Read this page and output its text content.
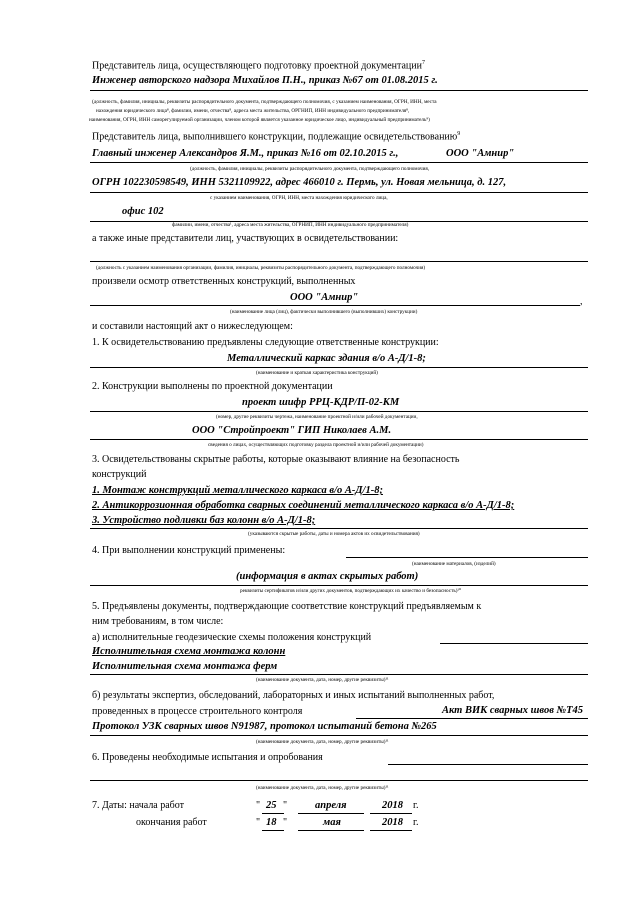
Представитель лица, осуществляющего подготовку проектной документации$^7$
Инженер авторского надзора Михайлов П.Н., приказ №67 от 01.08.2015 г.
(должность, фамилия, инициалы, реквизиты распорядительного документа, подтверждающего полномочия, с указанием наименования, ОГРН, ИНН, места
нахождения юридического лица⁸, фамилии, имени, отчества⁸, адреса места жительства, ОРГНИП, ИНН индивидуального предпринимателя⁸,
наименования, ОГРН, ИНН саморегулируемой организации, членом которой является указанное юридическое лицо, индивидуальный предприниматель⁹)
Представитель лица, выполнившего конструкции, подлежащие освидетельствованию$^9$
Главный инженер Александров Я.М., приказ №16 от 02.10.2015 г.,	ООО "Амнир"
(должность, фамилия, инициалы, реквизиты распорядительного документа, подтверждающего полномочия,
ОГРН 102230598549, ИНН 5321109922, адрес 466010 г. Пермь, ул. Новая мельница, д. 127,
с указанием наименования, ОГРН, ИНН, места нахождения юридического лица,
офис 102
фамилии, имени, отчества¹, адреса места жительства, ОГРНИП, ИНН индивидуального предпринимателя)
а также иные представители лиц, участвующих в освидетельствовании:
(должность с указанием наименования организации, фамилия, инициалы, реквизиты распорядительного документа, подтверждающего полномочия)
произвели осмотр ответственных конструкций, выполненных
ООО "Амнир"	,
(наименование лица (лиц), фактически выполнившего (выполнивших) конструкции)
и составили настоящий акт о нижеследующем:
1. К освидетельствованию предъявлены следующие ответственные конструкции:
Металлический каркас здания в/о А-Д/1-8;
(наименование и краткая характеристика конструкций)
2. Конструкции выполнены по проектной документации
проект шифр РРЦ-КДР/П-02-КМ
(номер, другие реквизиты чертежа, наименование проектной и/или рабочей документации,
ООО "Стройпроект" ГИП Николаев А.М.
сведения о лицах, осуществляющих подготовку раздела проектной и/или рабочей документации)
3. Освидетельствованы скрытые работы, которые оказывают влияние на безопасность
конструкций
1. Монтаж конструкций металлического каркаса в/о А-Д/1-8;
2. Антикоррозионная обработка сварных соединений металлического каркаса в/о А-Д/1-8;
3. Устройство подливки баз колонн в/о А-Д/1-8;
(указываются скрытые работы, даты и номера актов их освидетельствования)
4. При выполнении конструкций применены:
(наименование материалов, (изделий)
(информация в актах скрытых работ)
реквизиты сертификатов и/или других документов, подтверждающих их качество и безопасность)¹⁰
5. Предъявлены документы, подтверждающие соответствие конструкций предъявляемым к
ним требованиям, в том числе:
а) исполнительные геодезические схемы положения конструкций
Исполнительная схема монтажа колонн
Исполнительная схема монтажа ферм
(наименование документа, дата, номер, другие реквизиты)¹¹
б) результаты экспертиз, обследований, лабораторных и иных испытаний выполненных работ,
проведенных в процессе строительного контроля	Акт ВИК сварных швов №Т45
Протокол УЗК сварных швов N91987, протокол испытаний бетона №265
(наименование документа, дата, номер, другие реквизиты)¹¹
6. Проведены необходимые испытания и опробования
(наименование документа, дата, номер, другие реквизиты)¹¹
7. Даты: начала работ	" 25 "	апреля	2018 г.
окончания работ	" 18 "	мая	2018 г.
